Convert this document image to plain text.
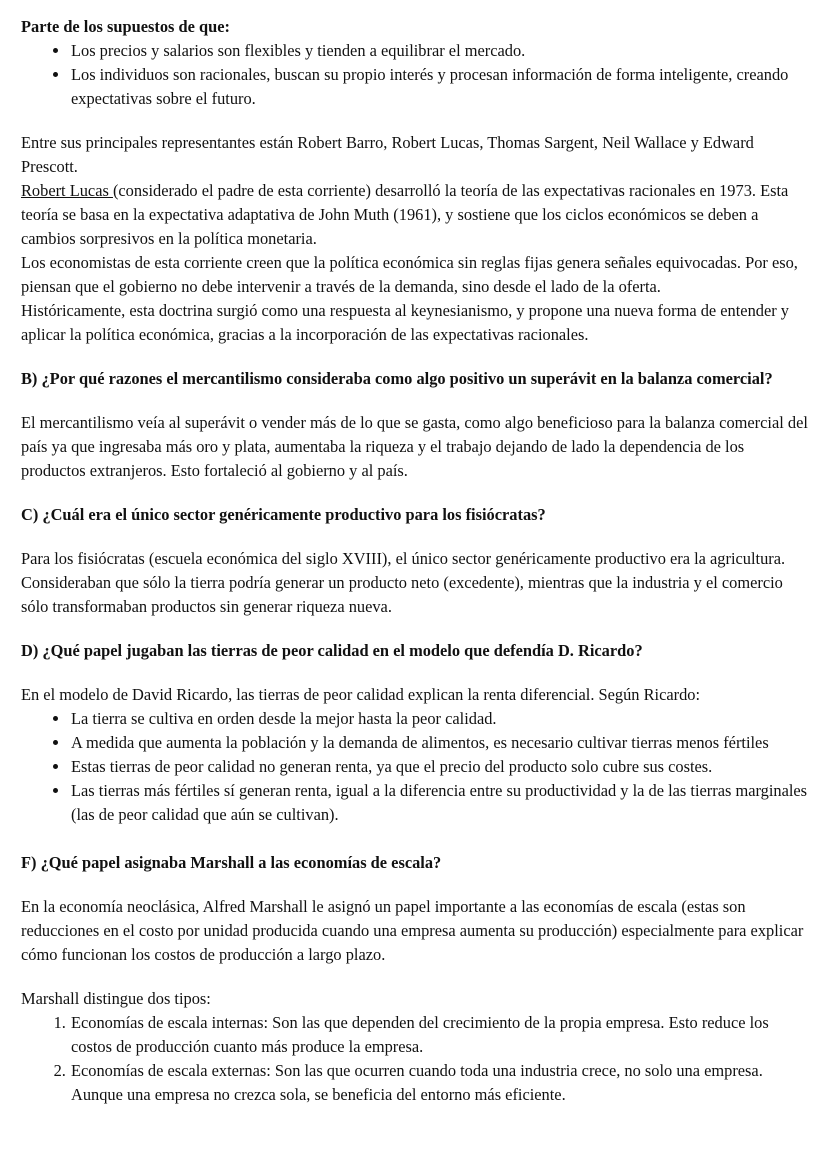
Parte de los supuestos de que:

• Los precios y salarios son flexibles y tienden a equilibrar el mercado.
• Los individuos son racionales, buscan su propio interés y procesan información de forma inteligente, creando expectativas sobre el futuro.

Entre sus principales representantes están Robert Barro, Robert Lucas, Thomas Sargent, Neil Wallace y Edward Prescott.

Robert Lucas (considerado el padre de esta corriente) desarrolló la teoría de las expectativas racionales en 1973. Esta teoría se basa en la expectativa adaptativa de John Muth (1961), y sostiene que los ciclos económicos se deben a cambios sorpresivos en la política monetaria.

Los economistas de esta corriente creen que la política económica sin reglas fijas genera señales equivocadas. Por eso, piensan que el gobierno no debe intervenir a través de la demanda, sino desde el lado de la oferta.

Históricamente, esta doctrina surgió como una respuesta al keynesianismo, y propone una nueva forma de entender y aplicar la política económica, gracias a la incorporación de las expectativas racionales.

B) ¿Por qué razones el mercantilismo consideraba como algo positivo un superávit en la balanza comercial?

El mercantilismo veía al superávit o vender más de lo que se gasta, como algo beneficioso para la balanza comercial del país ya que ingresaba más oro y plata, aumentaba la riqueza y el trabajo dejando de lado la dependencia de los productos extranjeros. Esto fortaleció al gobierno y al país.

C) ¿Cuál era el único sector genéricamente productivo para los fisiócratas?

Para los fisiócratas (escuela económica del siglo XVIII), el único sector genéricamente productivo era la agricultura. Consideraban que sólo la tierra podría generar un producto neto (excedente), mientras que la industria y el comercio sólo transformaban productos sin generar riqueza nueva.

D) ¿Qué papel jugaban las tierras de peor calidad en el modelo que defendía D. Ricardo?

En el modelo de David Ricardo, las tierras de peor calidad explican la renta diferencial. Según Ricardo:

• La tierra se cultiva en orden desde la mejor hasta la peor calidad.
• A medida que aumenta la población y la demanda de alimentos, es necesario cultivar tierras menos fértiles
• Estas tierras de peor calidad no generan renta, ya que el precio del producto solo cubre sus costes.
• Las tierras más fértiles sí generan renta, igual a la diferencia entre su productividad y la de las tierras marginales (las de peor calidad que aún se cultivan).

F) ¿Qué papel asignaba Marshall a las economías de escala?

En la economía neoclásica, Alfred Marshall le asignó un papel importante a las economías de escala (estas son reducciones en el costo por unidad producida cuando una empresa aumenta su producción) especialmente para explicar cómo funcionan los costos de producción a largo plazo.

Marshall distingue dos tipos:

1. Economías de escala internas: Son las que dependen del crecimiento de la propia empresa. Esto reduce los costos de producción cuanto más produce la empresa.
2. Economías de escala externas: Son las que ocurren cuando toda una industria crece, no solo una empresa. Aunque una empresa no crezca sola, se beneficia del entorno más eficiente.
